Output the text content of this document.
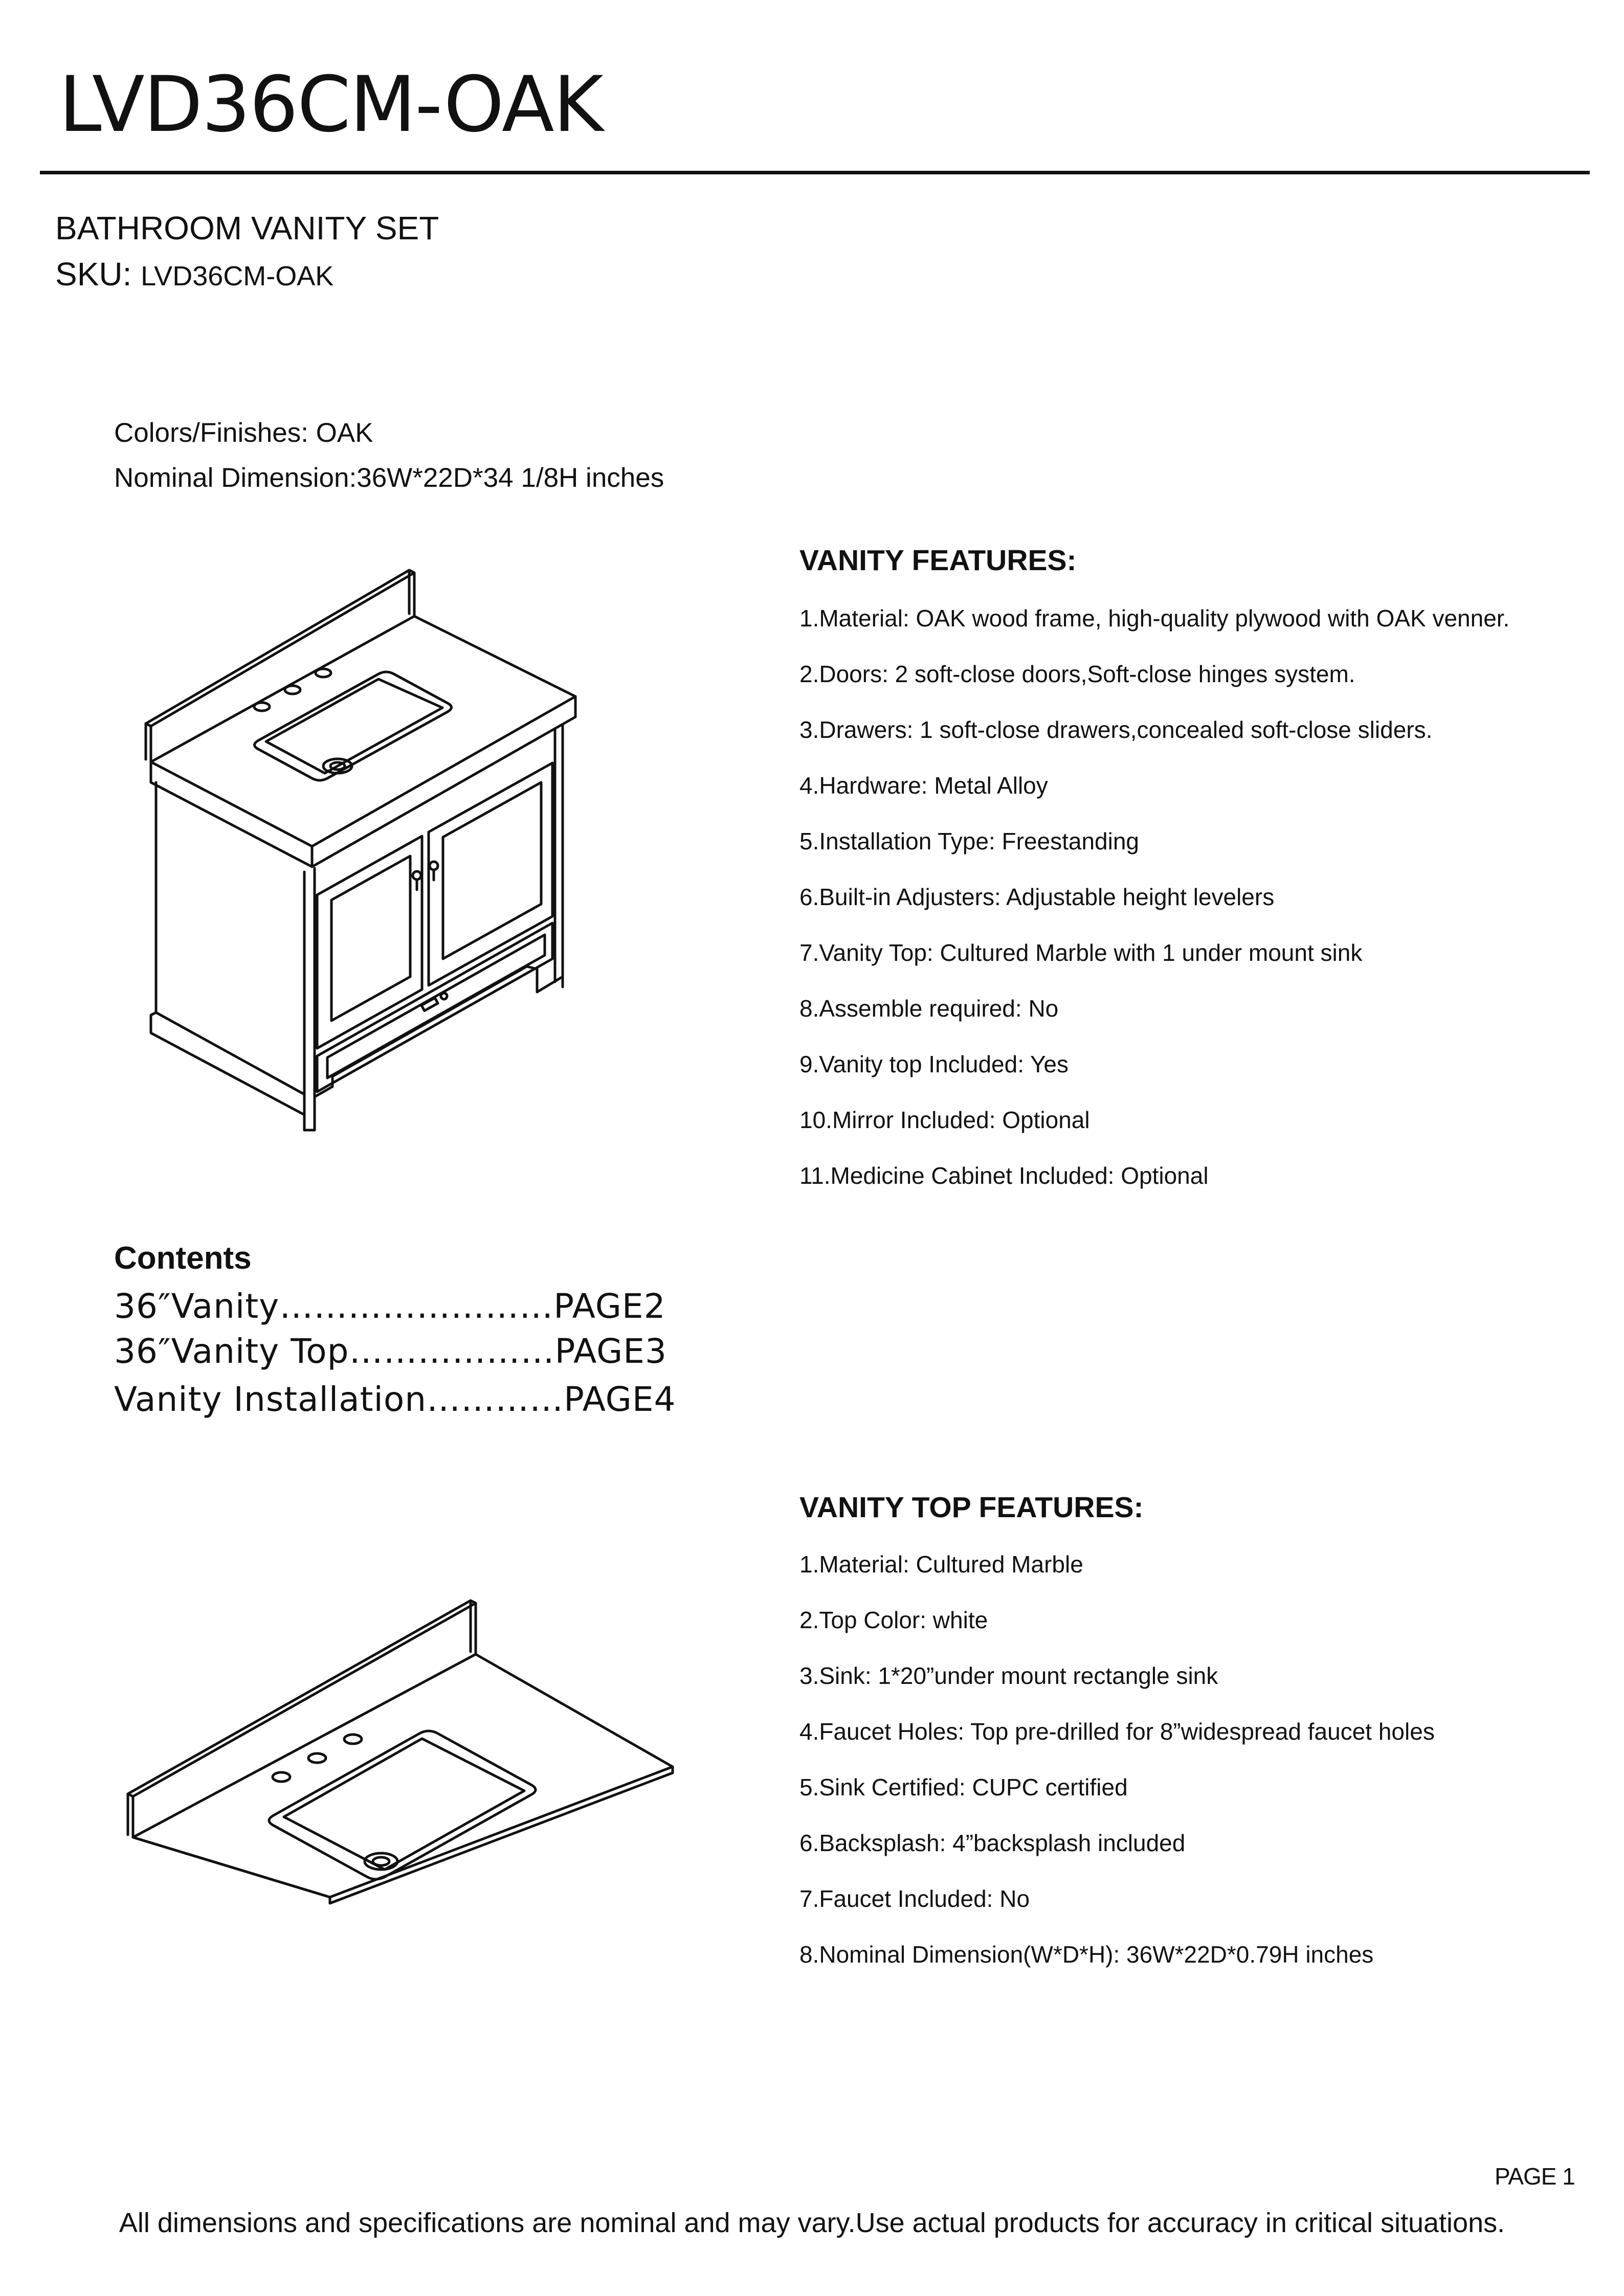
LVD36CM-OAK
BATHROOM VANITY SET
SKU: LVD36CM-OAK
Colors/Finishes: OAK
Nominal Dimension:36W*22D*34 1/8H inches
VANITY FEATURES:
1.Material: OAK wood frame, high-quality plywood with OAK venner.
2.Doors: 2 soft-close doors,Soft-close hinges system.
3.Drawers: 1 soft-close drawers,concealed soft-close sliders.
4.Hardware: Metal Alloy
5.Installation Type: Freestanding
6.Built-in Adjusters: Adjustable height levelers
7.Vanity Top: Cultured Marble with 1 under mount sink
8.Assemble required: No
9.Vanity top Included: Yes
10.Mirror Included: Optional
11.Medicine Cabinet Included: Optional
Contents
36″Vanity……………………PAGE2
36″Vanity Top………………PAGE3
Vanity Installation…………PAGE4
VANITY TOP FEATURES:
1.Material: Cultured Marble
2.Top Color: white
3.Sink: 1*20”under mount rectangle sink
4.Faucet Holes: Top pre-drilled for 8”widespread faucet holes
5.Sink Certified: CUPC certified
6.Backsplash: 4”backsplash included
7.Faucet Included: No
8.Nominal Dimension(W*D*H): 36W*22D*0.79H inches
PAGE 1
All dimensions and specifications are nominal and may vary.Use actual products for accuracy in critical situations.
